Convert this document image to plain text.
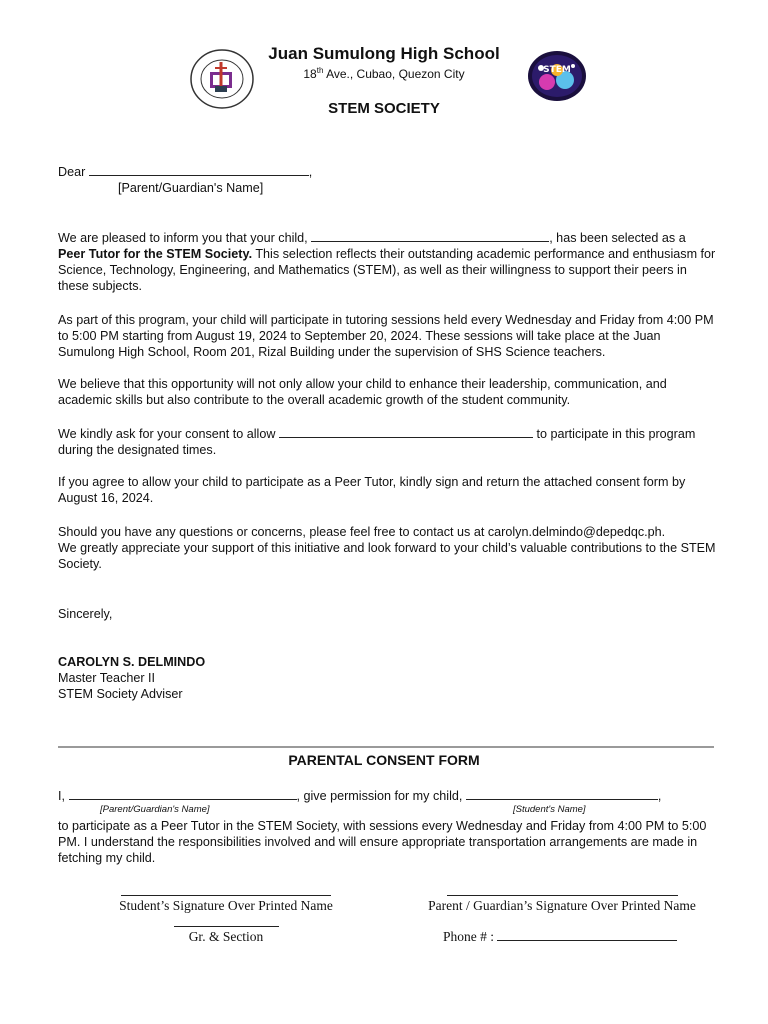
STEM
Juan Sumulong High School
18th Ave., Cubao, Quezon City
STEM SOCIETY
Dear	,
[Parent/Guardian's Name]
We are pleased to inform you that your child,	, has been selected as a
Peer Tutor for the STEM Society. This selection reflects their outstanding academic performance and enthusiasm for Science, Technology, Engineering, and Mathematics (STEM), as well as their willingness to support their peers in these subjects.
As part of this program, your child will participate in tutoring sessions held every Wednesday and Friday from 4:00 PM to 5:00 PM starting from August 19, 2024 to September 20, 2024. These sessions will take place at the Juan Sumulong High School, Room 201, Rizal Building under the supervision of SHS Science teachers.
We believe that this opportunity will not only allow your child to enhance their leadership, communication, and academic skills but also contribute to the overall academic growth of the student community.
We kindly ask for your consent to allow	to participate in this program during the designated times.
If you agree to allow your child to participate as a Peer Tutor, kindly sign and return the attached consent form by August 16, 2024.
Should you have any questions or concerns, please feel free to contact us at carolyn.delmindo@depedqc.ph.
We greatly appreciate your support of this initiative and look forward to your child’s valuable contributions to the STEM Society.
Sincerely,
CAROLYN S. DELMINDO
Master Teacher II
STEM Society Adviser
PARENTAL CONSENT FORM
I,	, give permission for my child,	,
[Parent/Guardian's Name]	[Student's Name]
to participate as a Peer Tutor in the STEM Society, with sessions every Wednesday and Friday from 4:00 PM to 5:00 PM. I understand the responsibilities involved and will ensure appropriate transportation arrangements are made in fetching my child.
Student’s Signature Over Printed Name	Parent / Guardian’s Signature Over Printed Name
Gr. & Section	Phone # :
